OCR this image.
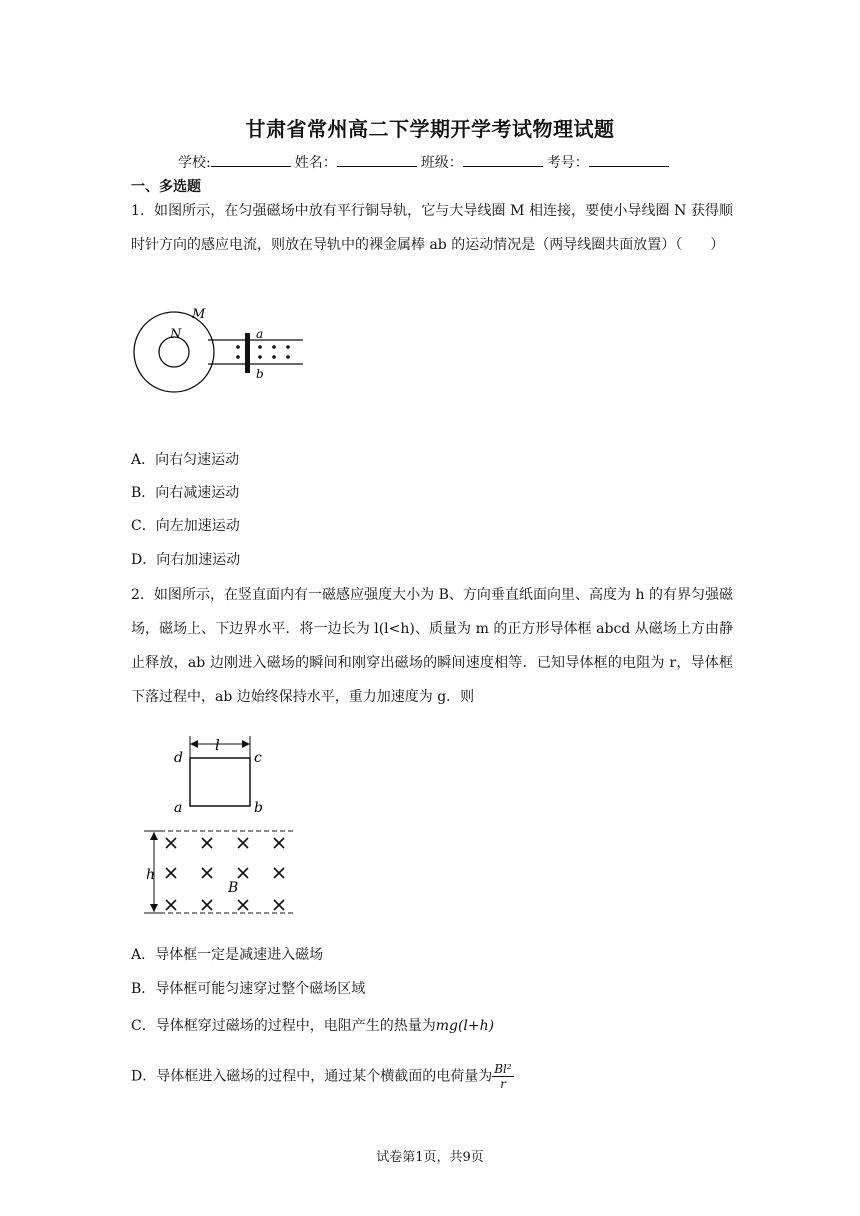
甘肃省常州高二下学期开学考试物理试题
学校:	姓名：	班级：	考号：
一、多选题
1．如图所示，在匀强磁场中放有平行铜导轨，它与大导线圈 M 相连接，要使小导线圈 N 获得顺时针方向的感应电流，则放在导轨中的裸金属棒 ab 的运动情况是（两导线圈共面放置）（　　）
M
N	a
b
A．向右匀速运动
B．向右减速运动
C．向左加速运动
D．向右加速运动
2．如图所示，在竖直面内有一磁感应强度大小为 B、方向垂直纸面向里、高度为 h 的有界匀强磁场，磁场上、下边界水平．将一边长为 l(l<h)、质量为 m 的正方形导体框 abcd 从磁场上方由静止释放，ab 边刚进入磁场的瞬间和刚穿出磁场的瞬间速度相等．已知导体框的电阻为 r，导体框下落过程中，ab 边始终保持水平，重力加速度为 g．则
l
d	c
a	b
h
B
A．导体框一定是减速进入磁场
B．导体框可能匀速穿过整个磁场区域
C．导体框穿过磁场的过程中，电阻产生的热量为mg(l+h)
D．导体框进入磁场的过程中，通过某个横截面的电荷量为 $\frac{\text{Bl²}}{r}$
试卷第1页，共9页
